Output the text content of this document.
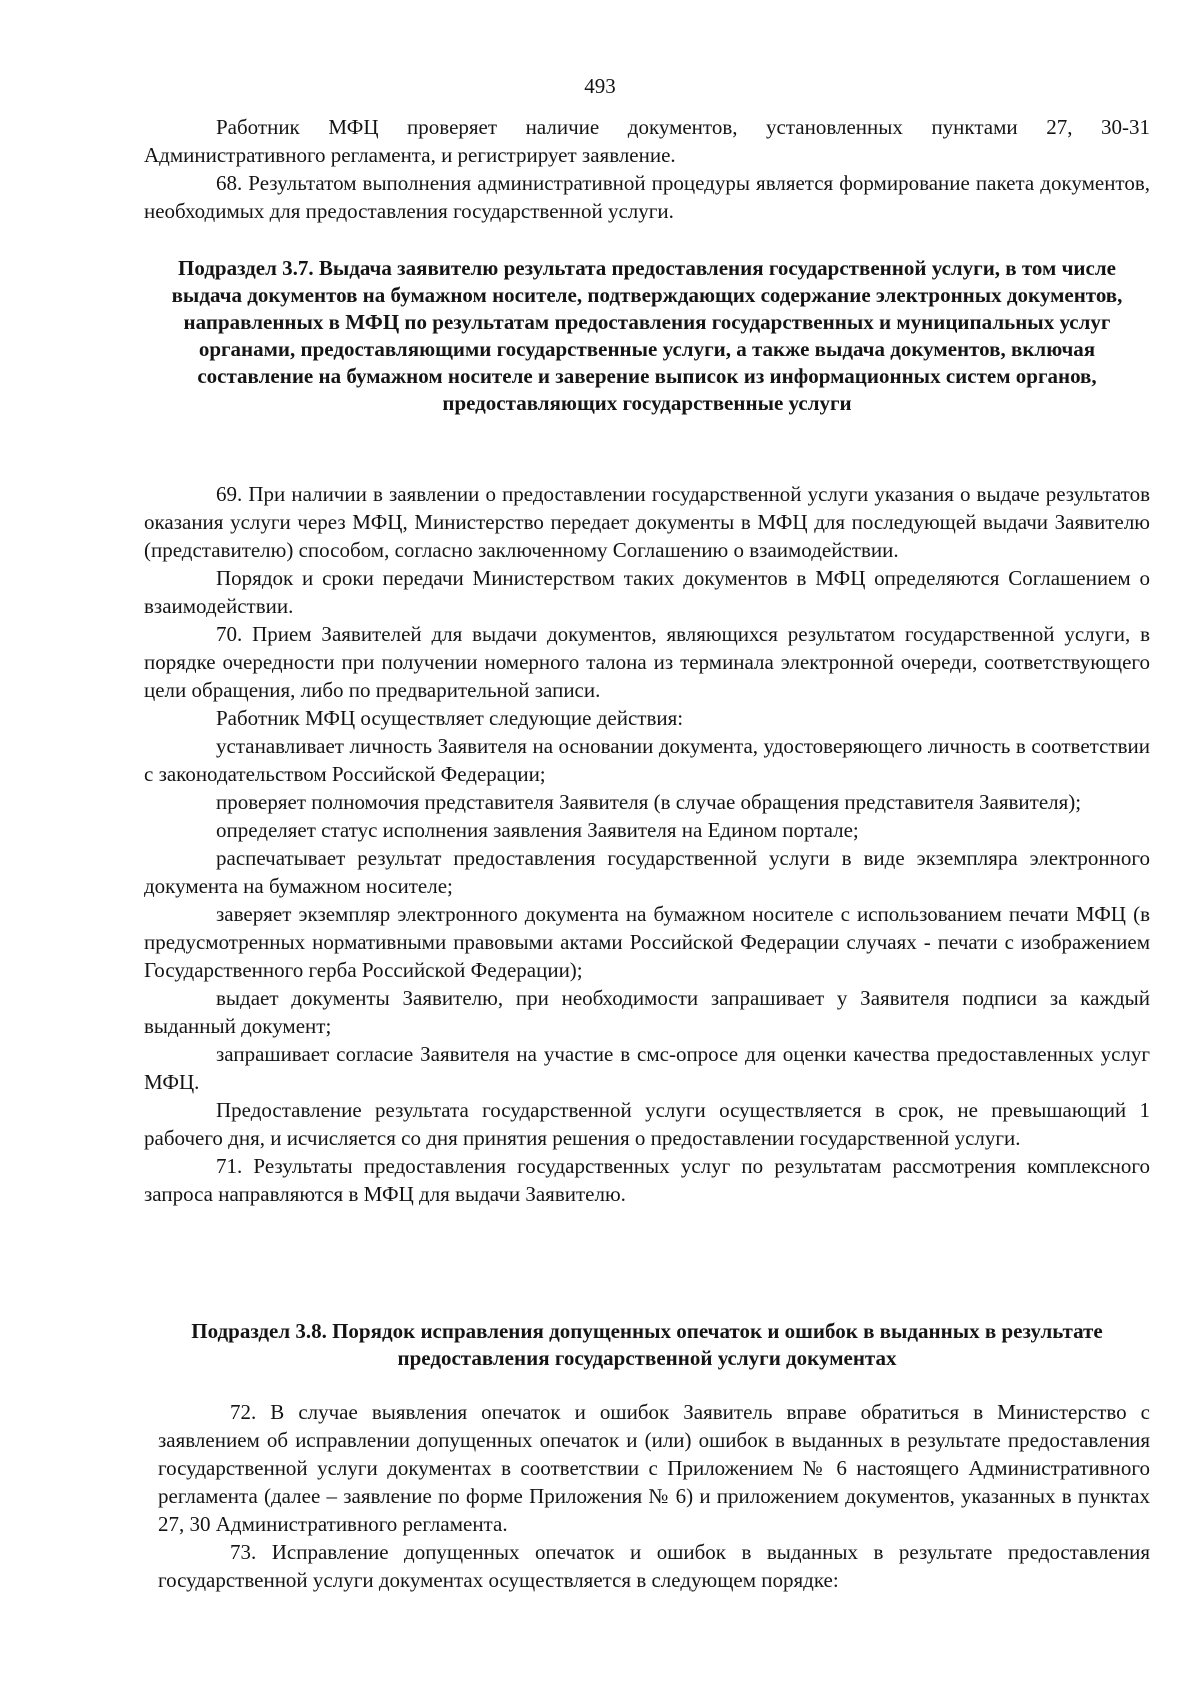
493

Работник МФЦ проверяет наличие документов, установленных пунктами 27, 30-31 Административного регламента, и регистрирует заявление.

68. Результатом выполнения административной процедуры является формирование пакета документов, необходимых для предоставления государственной услуги.

Подраздел 3.7. Выдача заявителю результата предоставления государственной услуги, в том числе выдача документов на бумажном носителе, подтверждающих содержание электронных документов, направленных в МФЦ по результатам предоставления государственных и муниципальных услуг органами, предоставляющими государственные услуги, а также выдача документов, включая составление на бумажном носителе и заверение выписок из информационных систем органов, предоставляющих государственные услуги

69. При наличии в заявлении о предоставлении государственной услуги указания о выдаче результатов оказания услуги через МФЦ, Министерство передает документы в МФЦ для последующей выдачи Заявителю (представителю) способом, согласно заключенному Соглашению о взаимодействии.

Порядок и сроки передачи Министерством таких документов в МФЦ определяются Соглашением о взаимодействии.

70. Прием Заявителей для выдачи документов, являющихся результатом государственной услуги, в порядке очередности при получении номерного талона из терминала электронной очереди, соответствующего цели обращения, либо по предварительной записи.

Работник МФЦ осуществляет следующие действия:

устанавливает личность Заявителя на основании документа, удостоверяющего личность в соответствии с законодательством Российской Федерации;

проверяет полномочия представителя Заявителя (в случае обращения представителя Заявителя);

определяет статус исполнения заявления Заявителя на Едином портале;

распечатывает результат предоставления государственной услуги в виде экземпляра электронного документа на бумажном носителе;

заверяет экземпляр электронного документа на бумажном носителе с использованием печати МФЦ (в предусмотренных нормативными правовыми актами Российской Федерации случаях - печати с изображением Государственного герба Российской Федерации);

выдает документы Заявителю, при необходимости запрашивает у Заявителя подписи за каждый выданный документ;

запрашивает согласие Заявителя на участие в смс-опросе для оценки качества предоставленных услуг МФЦ.

Предоставление результата государственной услуги осуществляется в срок, не превышающий 1 рабочего дня, и исчисляется со дня принятия решения о предоставлении государственной услуги.

71. Результаты предоставления государственных услуг по результатам рассмотрения комплексного запроса направляются в МФЦ для выдачи Заявителю.

Подраздел 3.8. Порядок исправления допущенных опечаток и ошибок в выданных в результате предоставления государственной услуги документах

72. В случае выявления опечаток и ошибок Заявитель вправе обратиться в Министерство с заявлением об исправлении допущенных опечаток и (или) ошибок в выданных в результате предоставления государственной услуги документах в соответствии с Приложением № 6 настоящего Административного регламента (далее – заявление по форме Приложения № 6) и приложением документов, указанных в пунктах 27, 30 Административного регламента.

73. Исправление допущенных опечаток и ошибок в выданных в результате предоставления государственной услуги документах осуществляется в следующем порядке:
